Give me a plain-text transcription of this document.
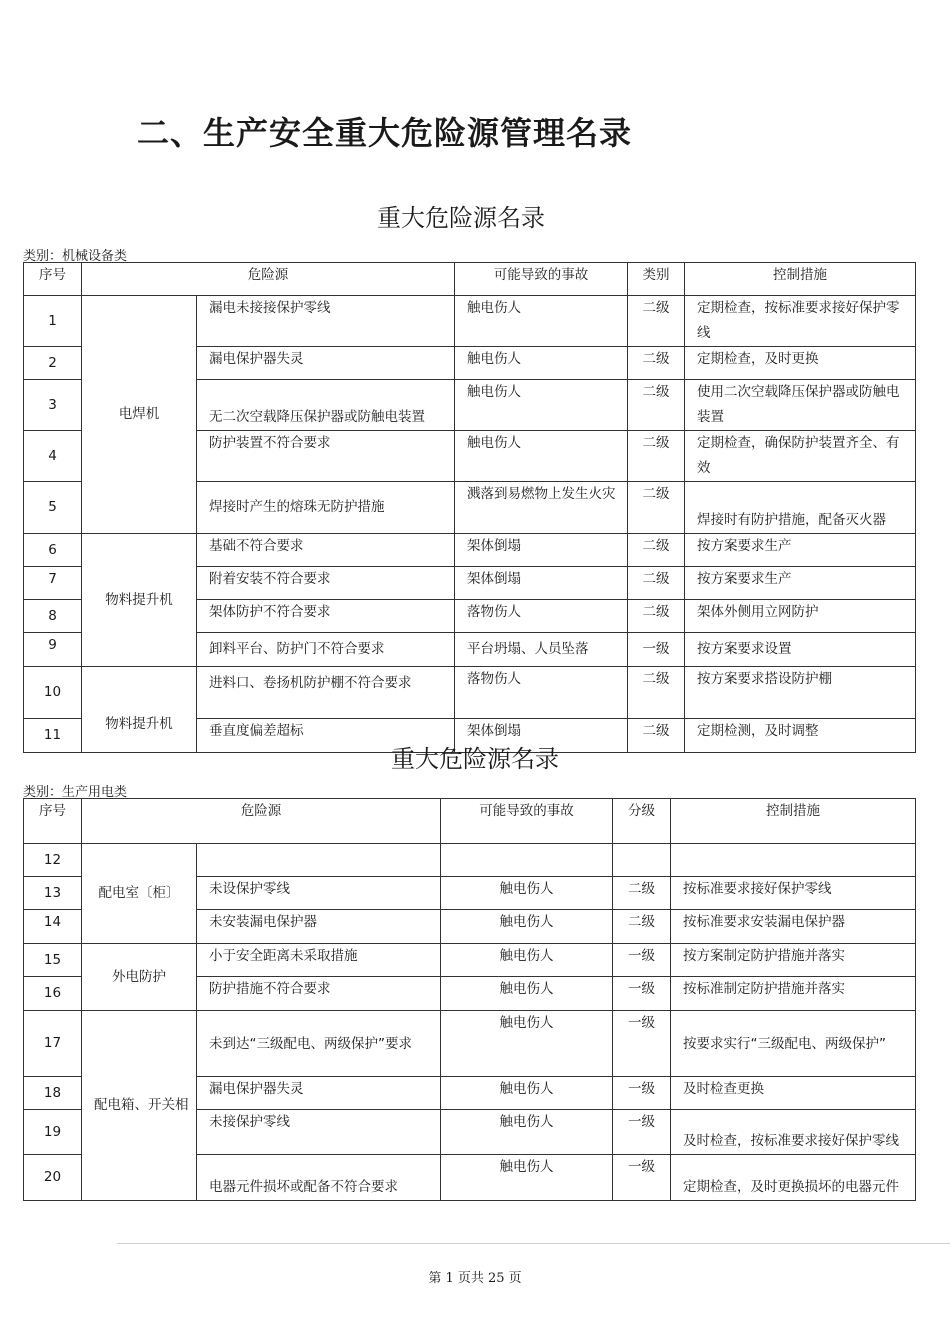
二、生产安全重大危险源管理名录
重大危险源名录
类别：机械设备类
序号	危险源		可能导致的事故	类别	控制措施
1	电焊机	漏电未接接保护零线	触电伤人	二级	定期检查，按标准要求接好保护零线
2		漏电保护器失灵	触电伤人	二级	定期检查，及时更换
3		无二次空载降压保护器或防触电装置	触电伤人	二级	使用二次空载降压保护器或防触电装置
4		防护装置不符合要求	触电伤人	二级	定期检查，确保防护装置齐全、有效
5		焊接时产生的熔珠无防护措施	溅落到易燃物上发生火灾	二级	焊接时有防护措施，配备灭火器
6	物料提升机	基础不符合要求	架体倒塌	二级	按方案要求生产
7		附着安装不符合要求	架体倒塌	二级	按方案要求生产
8		架体防护不符合要求	落物伤人	二级	架体外侧用立网防护
9		卸料平台、防护门不符合要求	平台坍塌、人员坠落	一级	按方案要求设置
10	物料提升机	进料口、卷扬机防护棚不符合要求	落物伤人	二级	按方案要求搭设防护棚
11		垂直度偏差超标	架体倒塌	二级	定期检测，及时调整
重大危险源名录
类别：生产用电类
序号	危险源		可能导致的事故	分级	控制措施
12	配电室〔柜〕				
13		未设保护零线	触电伤人	二级	按标准要求接好保护零线
14		未安装漏电保护器	触电伤人	二级	按标准要求安装漏电保护器
15	外电防护	小于安全距离未采取措施	触电伤人	一级	按方案制定防护措施并落实
16		防护措施不符合要求	触电伤人	一级	按标准制定防护措施并落实
17	配电箱、开关相	未到达“三级配电、两级保护”要求	触电伤人	一级	按要求实行“三级配电、两级保护”
18		漏电保护器失灵	触电伤人	一级	及时检查更换
19		未接保护零线	触电伤人	一级	及时检查，按标准要求接好保护零线
20		电器元件损坏或配备不符合要求	触电伤人	一级	定期检查，及时更换损坏的电器元件
第 1 页共 25 页
